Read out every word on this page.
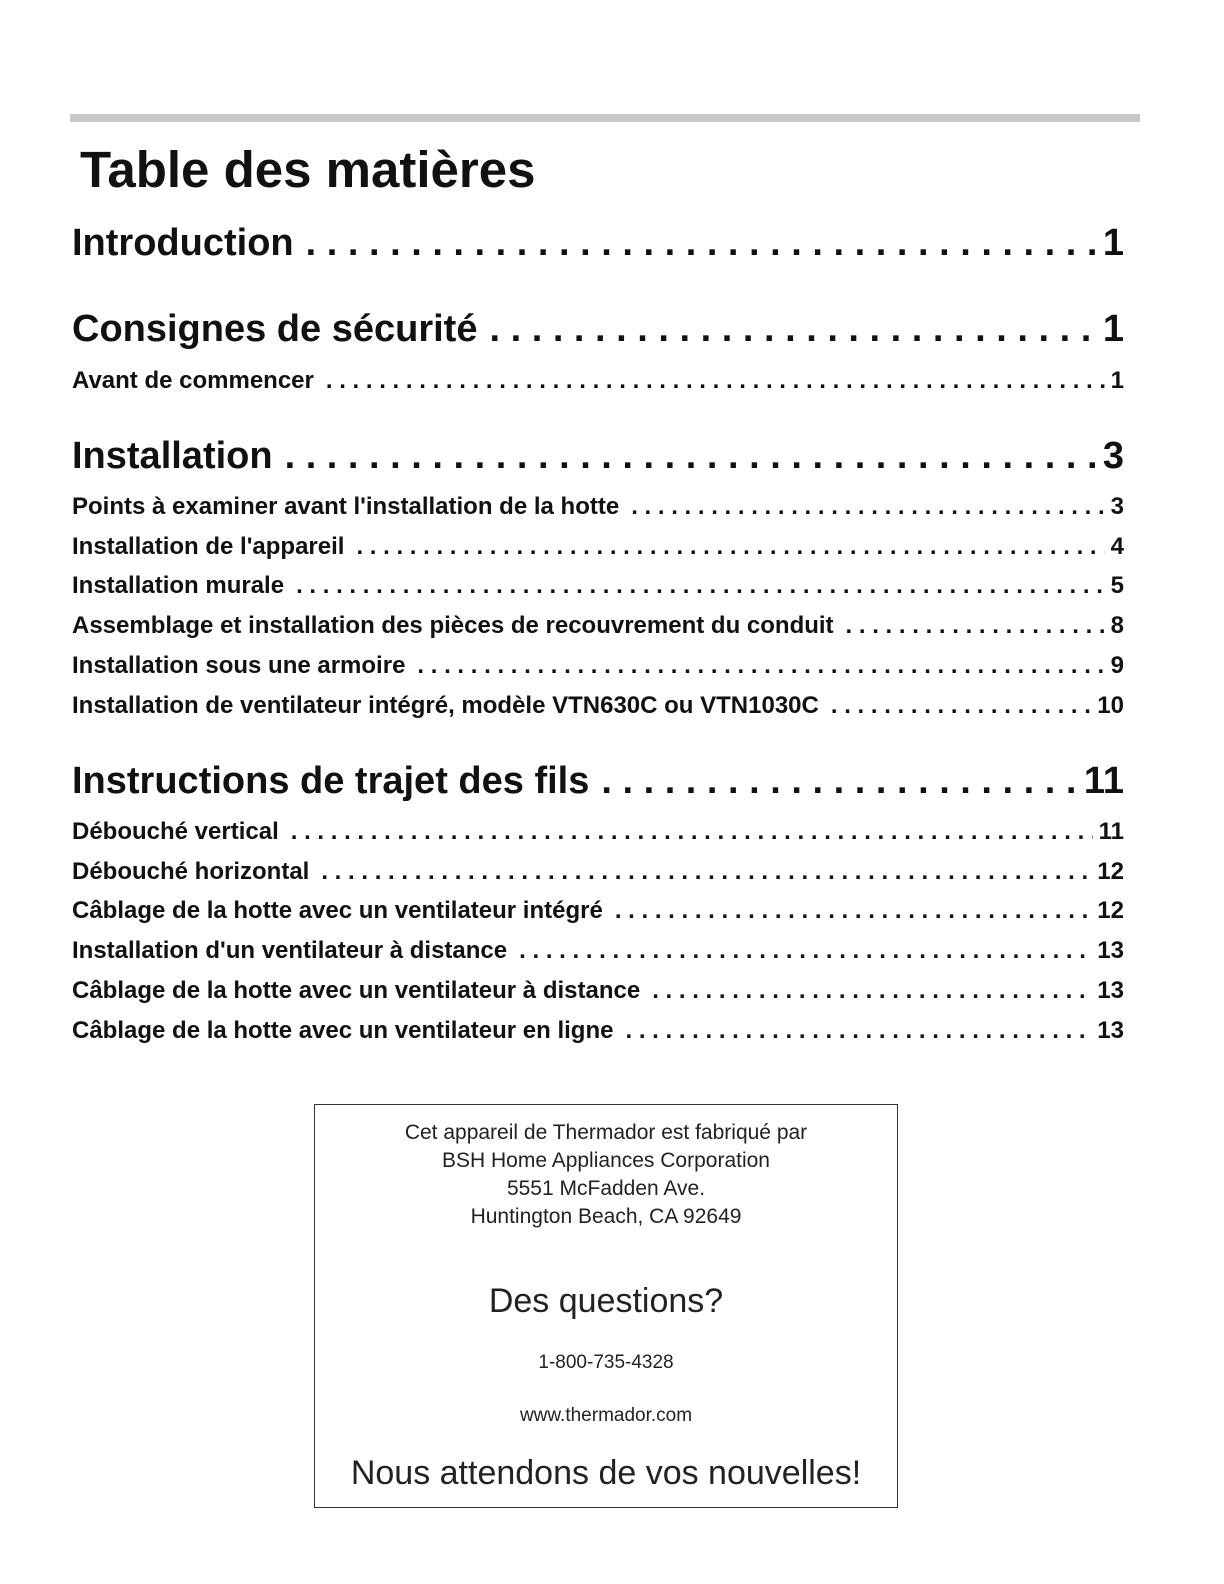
Table des matières
Introduction . . .	1
Consignes de sécurité . . .	1
Avant de commencer . . .	1
Installation . . .	3
Points à examiner avant l'installation de la hotte . . .	3
Installation de l'appareil . . .	4
Installation murale . . .	5
Assemblage et installation des pièces de recouvrement du conduit . . .	8
Installation sous une armoire . . .	9
Installation de ventilateur intégré, modèle VTN630C ou VTN1030C . . .	10
Instructions de trajet des fils . . .	11
Débouché vertical . . .	11
Débouché horizontal . . .	12
Câblage de la hotte avec un ventilateur intégré . . .	12
Installation d'un ventilateur à distance . . .	13
Câblage de la hotte avec un ventilateur à distance . . .	13
Câblage de la hotte avec un ventilateur en ligne . . .	13
Cet appareil de Thermador est fabriqué par
BSH Home Appliances Corporation
5551 McFadden Ave.
Huntington Beach, CA 92649
Des questions?
1-800-735-4328
www.thermador.com
Nous attendons de vos nouvelles!
